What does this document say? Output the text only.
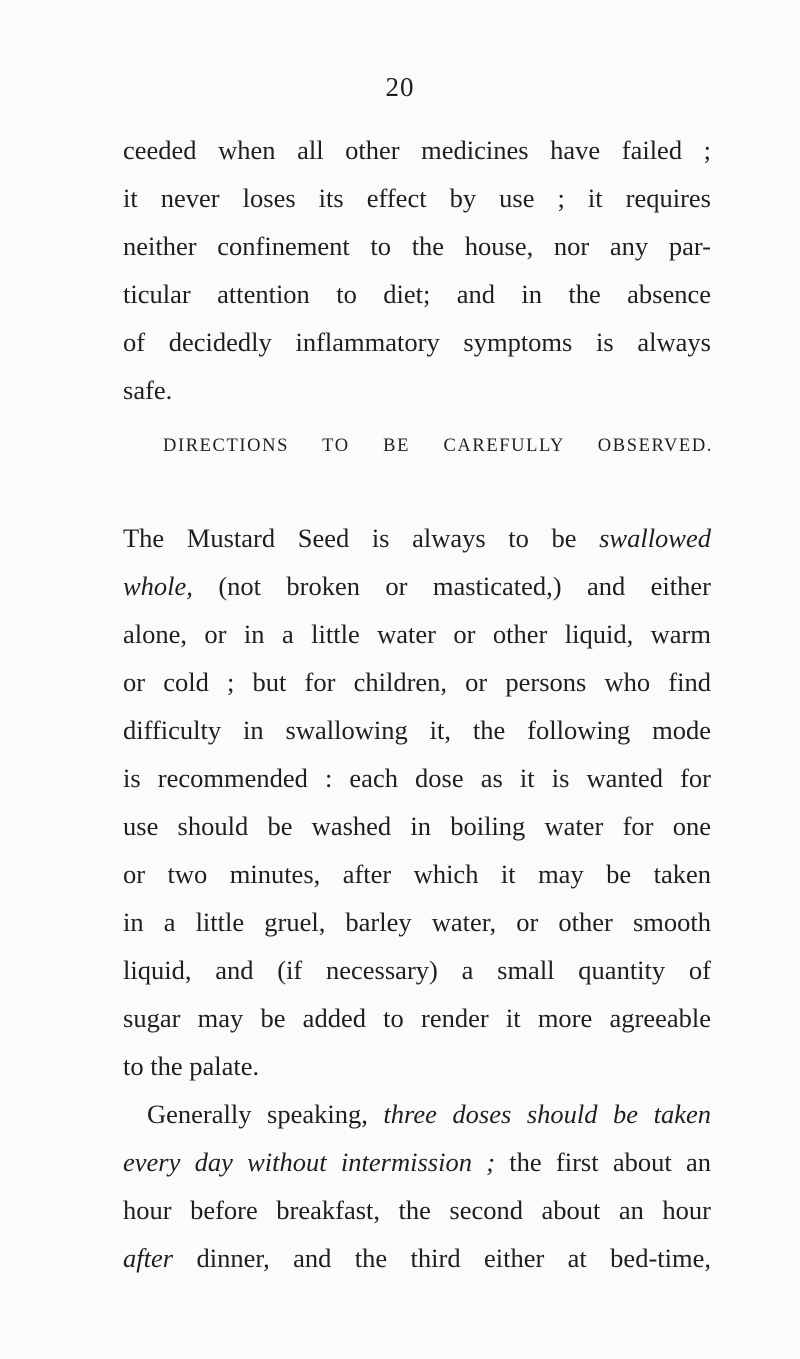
20
ceeded when all other medicines have failed ;
it never loses its effect by use ; it requires
neither confinement to the house, nor any par-
ticular attention to diet; and in the absence
of decidedly inflammatory symptoms is always
safe.
DIRECTIONS TO BE CAREFULLY OBSERVED.
The Mustard Seed is always to be swallowed
whole, (not broken or masticated,) and either
alone, or in a little water or other liquid, warm
or cold ; but for children, or persons who find
difficulty in swallowing it, the following mode
is recommended : each dose as it is wanted for
use should be washed in boiling water for one
or two minutes, after which it may be taken
in a little gruel, barley water, or other smooth
liquid, and (if necessary) a small quantity of
sugar may be added to render it more agreeable
to the palate.
Generally speaking, three doses should be taken
every day without intermission ; the first about an
hour before breakfast, the second about an hour
after dinner, and the third either at bed-time,
